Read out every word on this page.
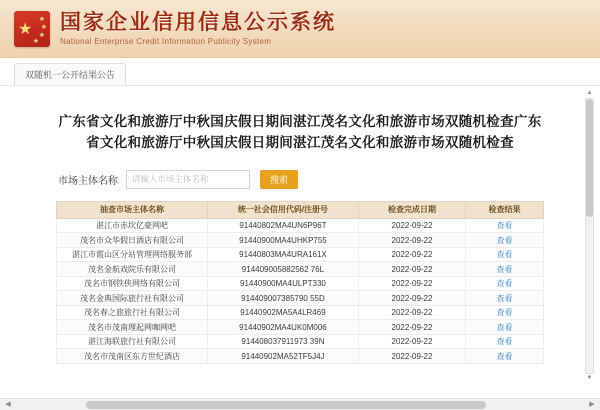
★
★
★
★
★
国家企业信用信息公示系统
National Enterprise Credit Information Publicity System
双随机一公开结果公告
广东省文化和旅游厅中秋国庆假日期间湛江茂名文化和旅游市场双随机检查广东省文化和旅游厅中秋国庆假日期间湛江茂名文化和旅游市场双随机检查
市场主体名称
请输入市场主体名称	搜索
抽查市场主体名称	统一社会信用代码/注册号	检查完成日期	检查结果
湛江市赤坎亿豪网吧	91440802MA4UN6P96T	2022-09-22	查看
茂名市众华假日酒店有限公司	91440900MA4UHKP755	2022-09-22	查看
湛江市霞山区分站管理网络服务部	91440803MA4URA161X	2022-09-22	查看
茂名金航戏院乐有限公司	914409005882562 76L	2022-09-22	查看
茂名市钢铁侠网络有限公司	91440900MA4ULPT330	2022-09-22	查看
茂名金典国际旅行社有限公司	914409007385790 55D	2022-09-22	查看
茂名春之旅旅行社有限公司	91440902MA5A4LR469	2022-09-22	查看
茂名市茂南理起网咖网吧	91440902MA4UK0M006	2022-09-22	查看
湛江海联旅行社有限公司	914408037911973 39N	2022-09-22	查看
茂名市茂南区东方世纪酒店	91440902MA52TF5J4J	2022-09-22	查看
▲
▼
◀	▶
